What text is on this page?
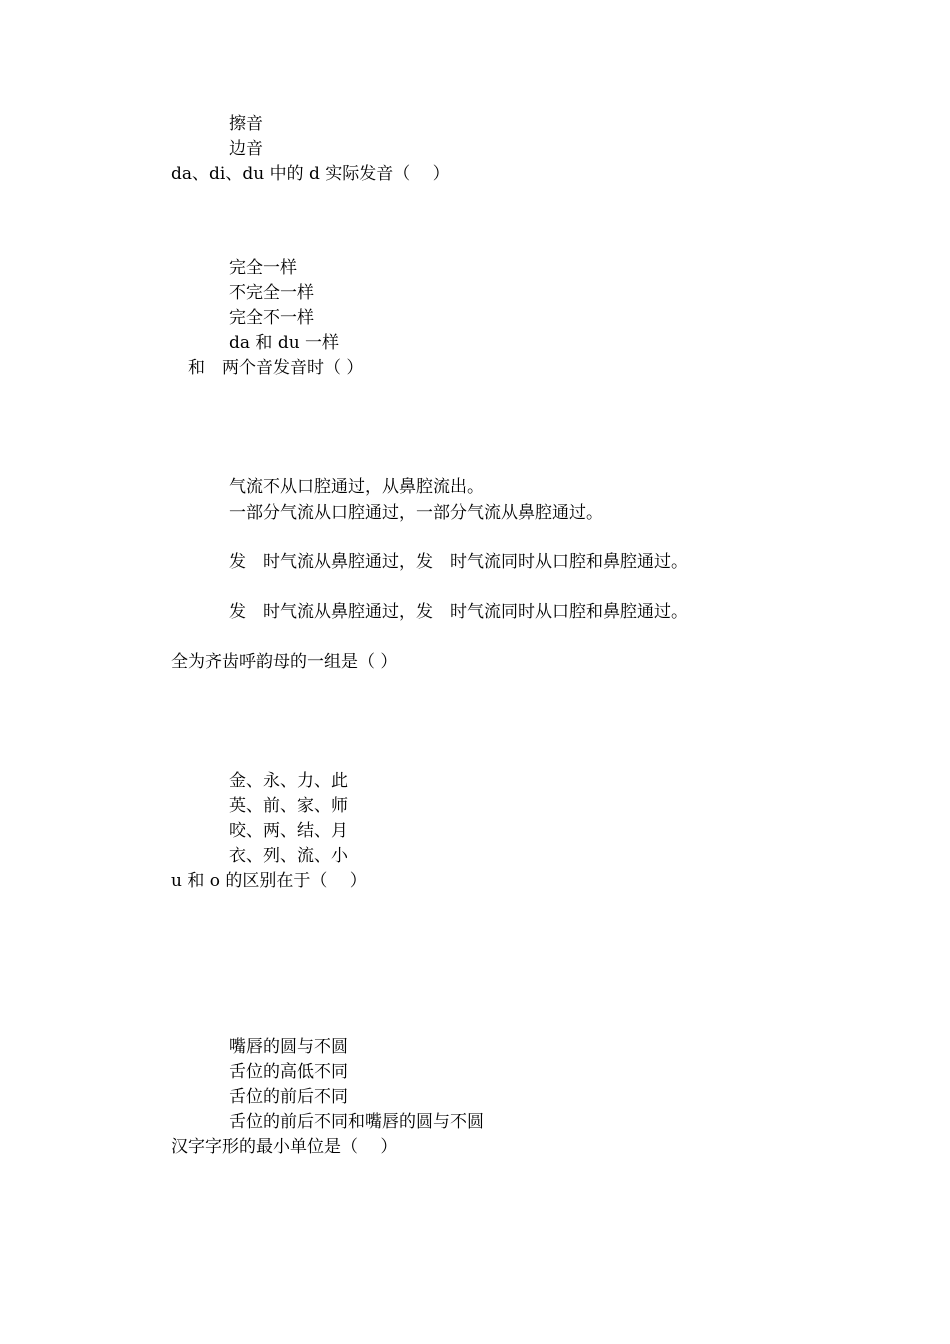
擦音
边音
da、di、du 中的 d 实际发音（　 ）
完全一样
不完全一样
完全不一样
da 和 du 一样
和　两个音发音时（ ）
气流不从口腔通过，从鼻腔流出。
一部分气流从口腔通过，一部分气流从鼻腔通过。
发　时气流从鼻腔通过，发　时气流同时从口腔和鼻腔通过。
发　时气流从鼻腔通过，发　时气流同时从口腔和鼻腔通过。
全为齐齿呼韵母的一组是（ ）
金、永、力、此
英、前、家、师
咬、两、结、月
衣、列、流、小
u 和 o 的区别在于（　 ）
嘴唇的圆与不圆
舌位的高低不同
舌位的前后不同
舌位的前后不同和嘴唇的圆与不圆
汉字字形的最小单位是（　 ）
